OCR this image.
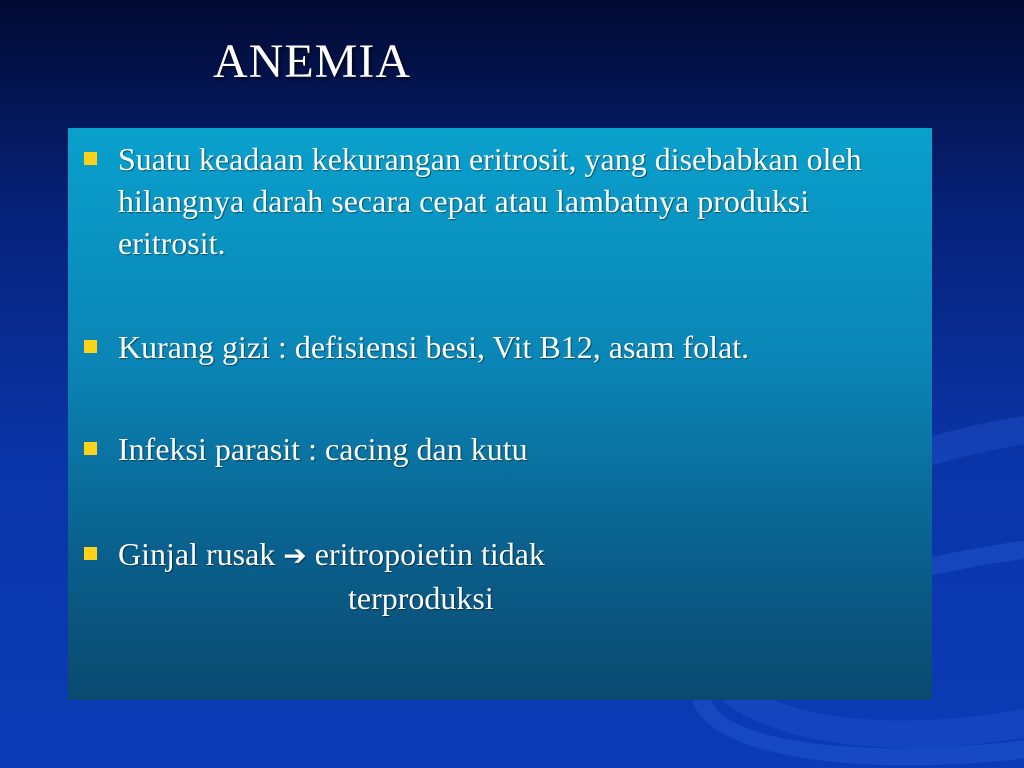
ANEMIA
Suatu keadaan kekurangan eritrosit, yang disebabkan oleh hilangnya darah secara cepat atau lambatnya produksi eritrosit.
Kurang gizi : defisiensi besi, Vit B12, asam folat.
Infeksi parasit : cacing dan kutu
Ginjal rusak ➔ eritropoietin tidak
terproduksi
